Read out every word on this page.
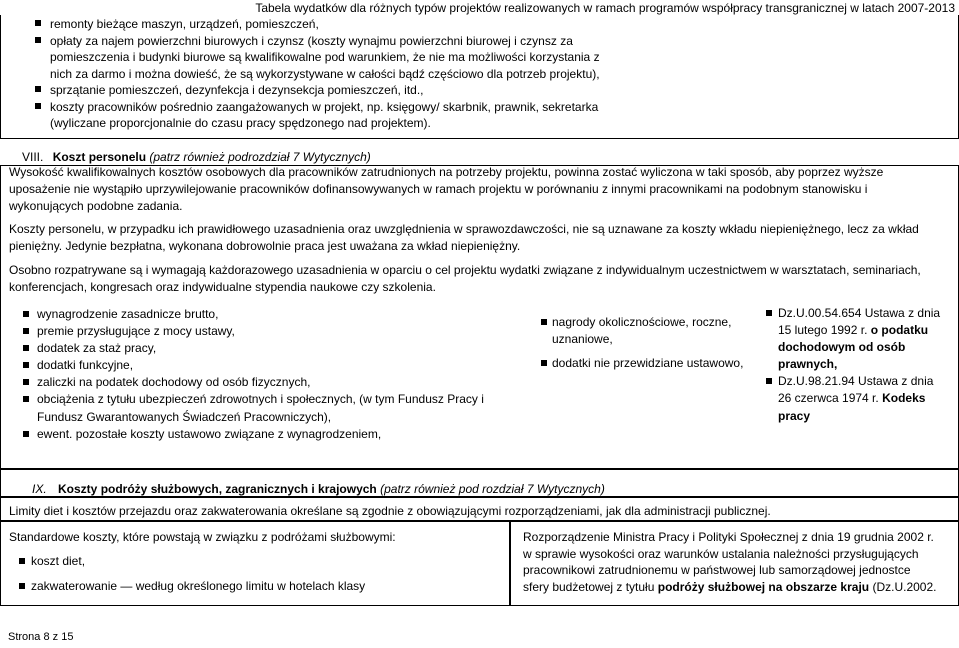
Tabela wydatków dla różnych typów projektów realizowanych w ramach programów współpracy transgranicznej w latach 2007-2013
remonty bieżące maszyn, urządzeń, pomieszczeń,
opłaty za najem powierzchni biurowych i czynsz (koszty wynajmu powierzchni biurowej i czynsz za
pomieszczenia i budynki biurowe są kwalifikowalne pod warunkiem, że nie ma możliwości korzystania z
nich za darmo i można dowieść, że są wykorzystywane w całości bądź częściowo dla potrzeb projektu),
sprzątanie pomieszczeń, dezynfekcja i dezynsekcja pomieszczeń, itd.,
koszty pracowników pośrednio zaangażowanych w projekt, np. księgowy/ skarbnik, prawnik, sekretarka
(wyliczane proporcjonalnie do czasu pracy spędzonego nad projektem).
VIII. Koszt personelu (patrz również podrozdział 7 Wytycznych)
Wysokość kwalifikowalnych kosztów osobowych dla pracowników zatrudnionych na potrzeby projektu, powinna zostać wyliczona w taki sposób, aby poprzez wyższe
uposażenie nie wystąpiło uprzywilejowanie pracowników dofinansowywanych w ramach projektu w porównaniu z innymi pracownikami na podobnym stanowisku i
wykonujących podobne zadania.
Koszty personelu, w przypadku ich prawidłowego uzasadnienia oraz uwzględnienia w sprawozdawczości, nie są uznawane za koszty wkładu niepieniężnego, lecz za wkład
pieniężny. Jedynie bezpłatna, wykonana dobrowolnie praca jest uważana za wkład niepieniężny.
Osobno rozpatrywane są i wymagają każdorazowego uzasadnienia w oparciu o cel projektu wydatki związane z indywidualnym uczestnictwem w warsztatach, seminariach,
konferencjach, kongresach oraz indywidualne stypendia naukowe czy szkolenia.
wynagrodzenie zasadnicze brutto,
premie przysługujące z mocy ustawy,
dodatek za staż pracy,
dodatki funkcyjne,
zaliczki na podatek dochodowy od osób fizycznych,
obciążenia z tytułu ubezpieczeń zdrowotnych i społecznych, (w tym Fundusz Pracy i
Fundusz Gwarantowanych Świadczeń Pracowniczych),
ewent. pozostałe koszty ustawowo związane z wynagrodzeniem,
nagrody okolicznościowe, roczne,
uznaniowe,
dodatki nie przewidziane ustawowo,
Dz.U.00.54.654 Ustawa z dnia
15 lutego 1992 r. o podatku
dochodowym od osób
prawnych,
Dz.U.98.21.94 Ustawa z dnia
26 czerwca 1974 r. Kodeks
pracy
IX. Koszty podróży służbowych, zagranicznych i krajowych (patrz również pod rozdział 7 Wytycznych)
Limity diet i kosztów przejazdu oraz zakwaterowania określane są zgodnie z obowiązującymi rozporządzeniami, jak dla administracji publicznej.
Standardowe koszty, które powstają w związku z podróżami służbowymi:
koszt diet,
zakwaterowanie — według określonego limitu w hotelach klasy
Rozporządzenie Ministra Pracy i Polityki Społecznej z dnia 19 grudnia 2002 r.
w sprawie wysokości oraz warunków ustalania należności przysługujących
pracownikowi zatrudnionemu w państwowej lub samorządowej jednostce
sfery budżetowej z tytułu podróży służbowej na obszarze kraju (Dz.U.2002.
Strona 8 z 15
